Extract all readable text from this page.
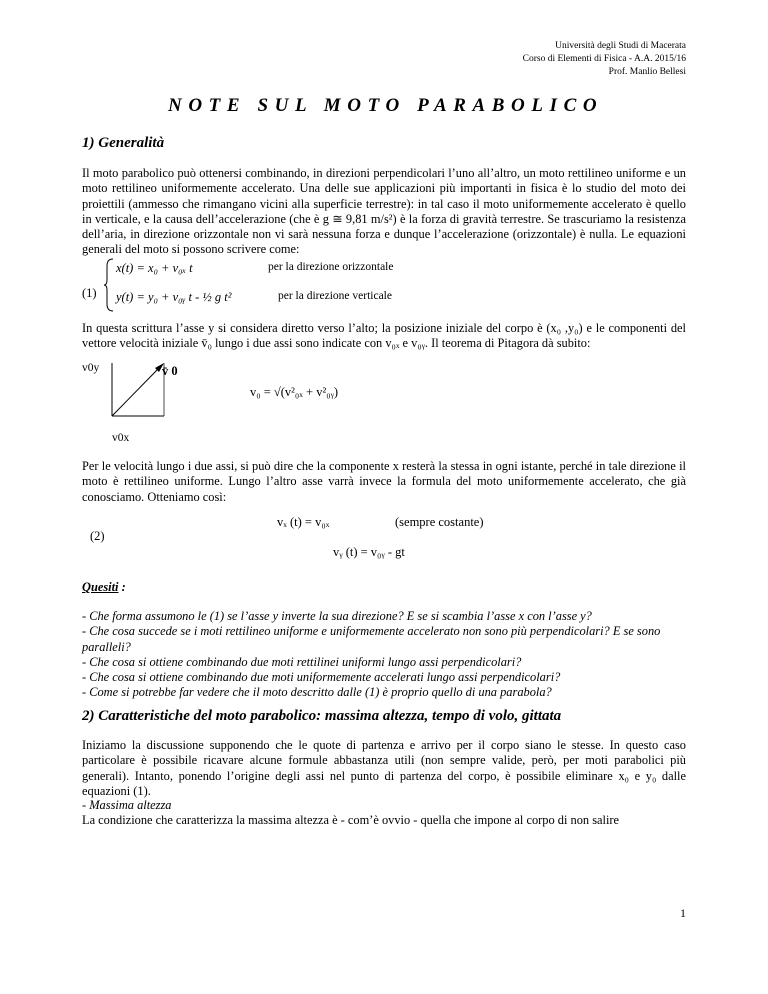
Università degli Studi di Macerata
Corso di Elementi di Fisica - A.A. 2015/16
Prof. Manlio Bellesi
NOTE SUL MOTO PARABOLICO
1) Generalità
Il moto parabolico può ottenersi combinando, in direzioni perpendicolari l’uno all’altro, un moto rettilineo uniforme e un moto rettilineo uniformemente accelerato. Una delle sue applicazioni più importanti in fisica è lo studio del moto dei proiettili (ammesso che rimangano vicini alla superficie terrestre): in tal caso il moto uniformemente accelerato è quello in verticale, e la causa dell’accelerazione (che è g ≅ 9,81 m/s²) è la forza di gravità terrestre. Se trascuriamo la resistenza dell’aria, in direzione orizzontale non vi sarà nessuna forza e dunque l’accelerazione (orizzontale) è nulla. Le equazioni generali del moto si possono scrivere come:
(1)
x(t) = x₀ + v₀ₓ t	per la direzione orizzontale
y(t) = y₀ + v₀ᵧ t - ½ g t²	per la direzione verticale
In questa scrittura l’asse y si considera diretto verso l’alto; la posizione iniziale del corpo è (x₀ ,y₀) e le componenti del vettore velocità iniziale v̄₀ lungo i due assi sono indicate con v₀ₓ e v₀ᵧ. Il teorema di Pitagora dà subito:
v0y	v̄ 0
v₀ = √(v²₀ₓ + v²₀ᵧ)
v0x
Per le velocità lungo i due assi, si può dire che la componente x resterà la stessa in ogni istante, perché in tale direzione il moto è rettilineo uniforme. Lungo l’altro asse varrà invece la formula del moto uniformemente accelerato, che già conosciamo. Otteniamo così:
vₓ (t) = v₀ₓ	(sempre costante)
(2)
vᵧ (t) = v₀ᵧ - gt
Quesiti :
- Che forma assumono le (1) se l’asse y inverte la sua direzione? E se si scambia l’asse x con l’asse y?
- Che cosa succede se i moti rettilineo uniforme e uniformemente accelerato non sono più perpendicolari? E se sono paralleli?
- Che cosa si ottiene combinando due moti rettilinei uniformi lungo assi perpendicolari?
- Che cosa si ottiene combinando due moti uniformemente accelerati lungo assi perpendicolari?
- Come si potrebbe far vedere che il moto descritto dalle (1) è proprio quello di una parabola?
2) Caratteristiche del moto parabolico: massima altezza, tempo di volo, gittata
Iniziamo la discussione supponendo che le quote di partenza e arrivo per il corpo siano le stesse. In questo caso particolare è possibile ricavare alcune formule abbastanza utili (non sempre valide, però, per moti parabolici più generali). Intanto, ponendo l’origine degli assi nel punto di partenza del corpo, è possibile eliminare x₀ e y₀ dalle equazioni (1).
- Massima altezza
La condizione che caratterizza la massima altezza è - com’è ovvio - quella che impone al corpo di non salire
1
